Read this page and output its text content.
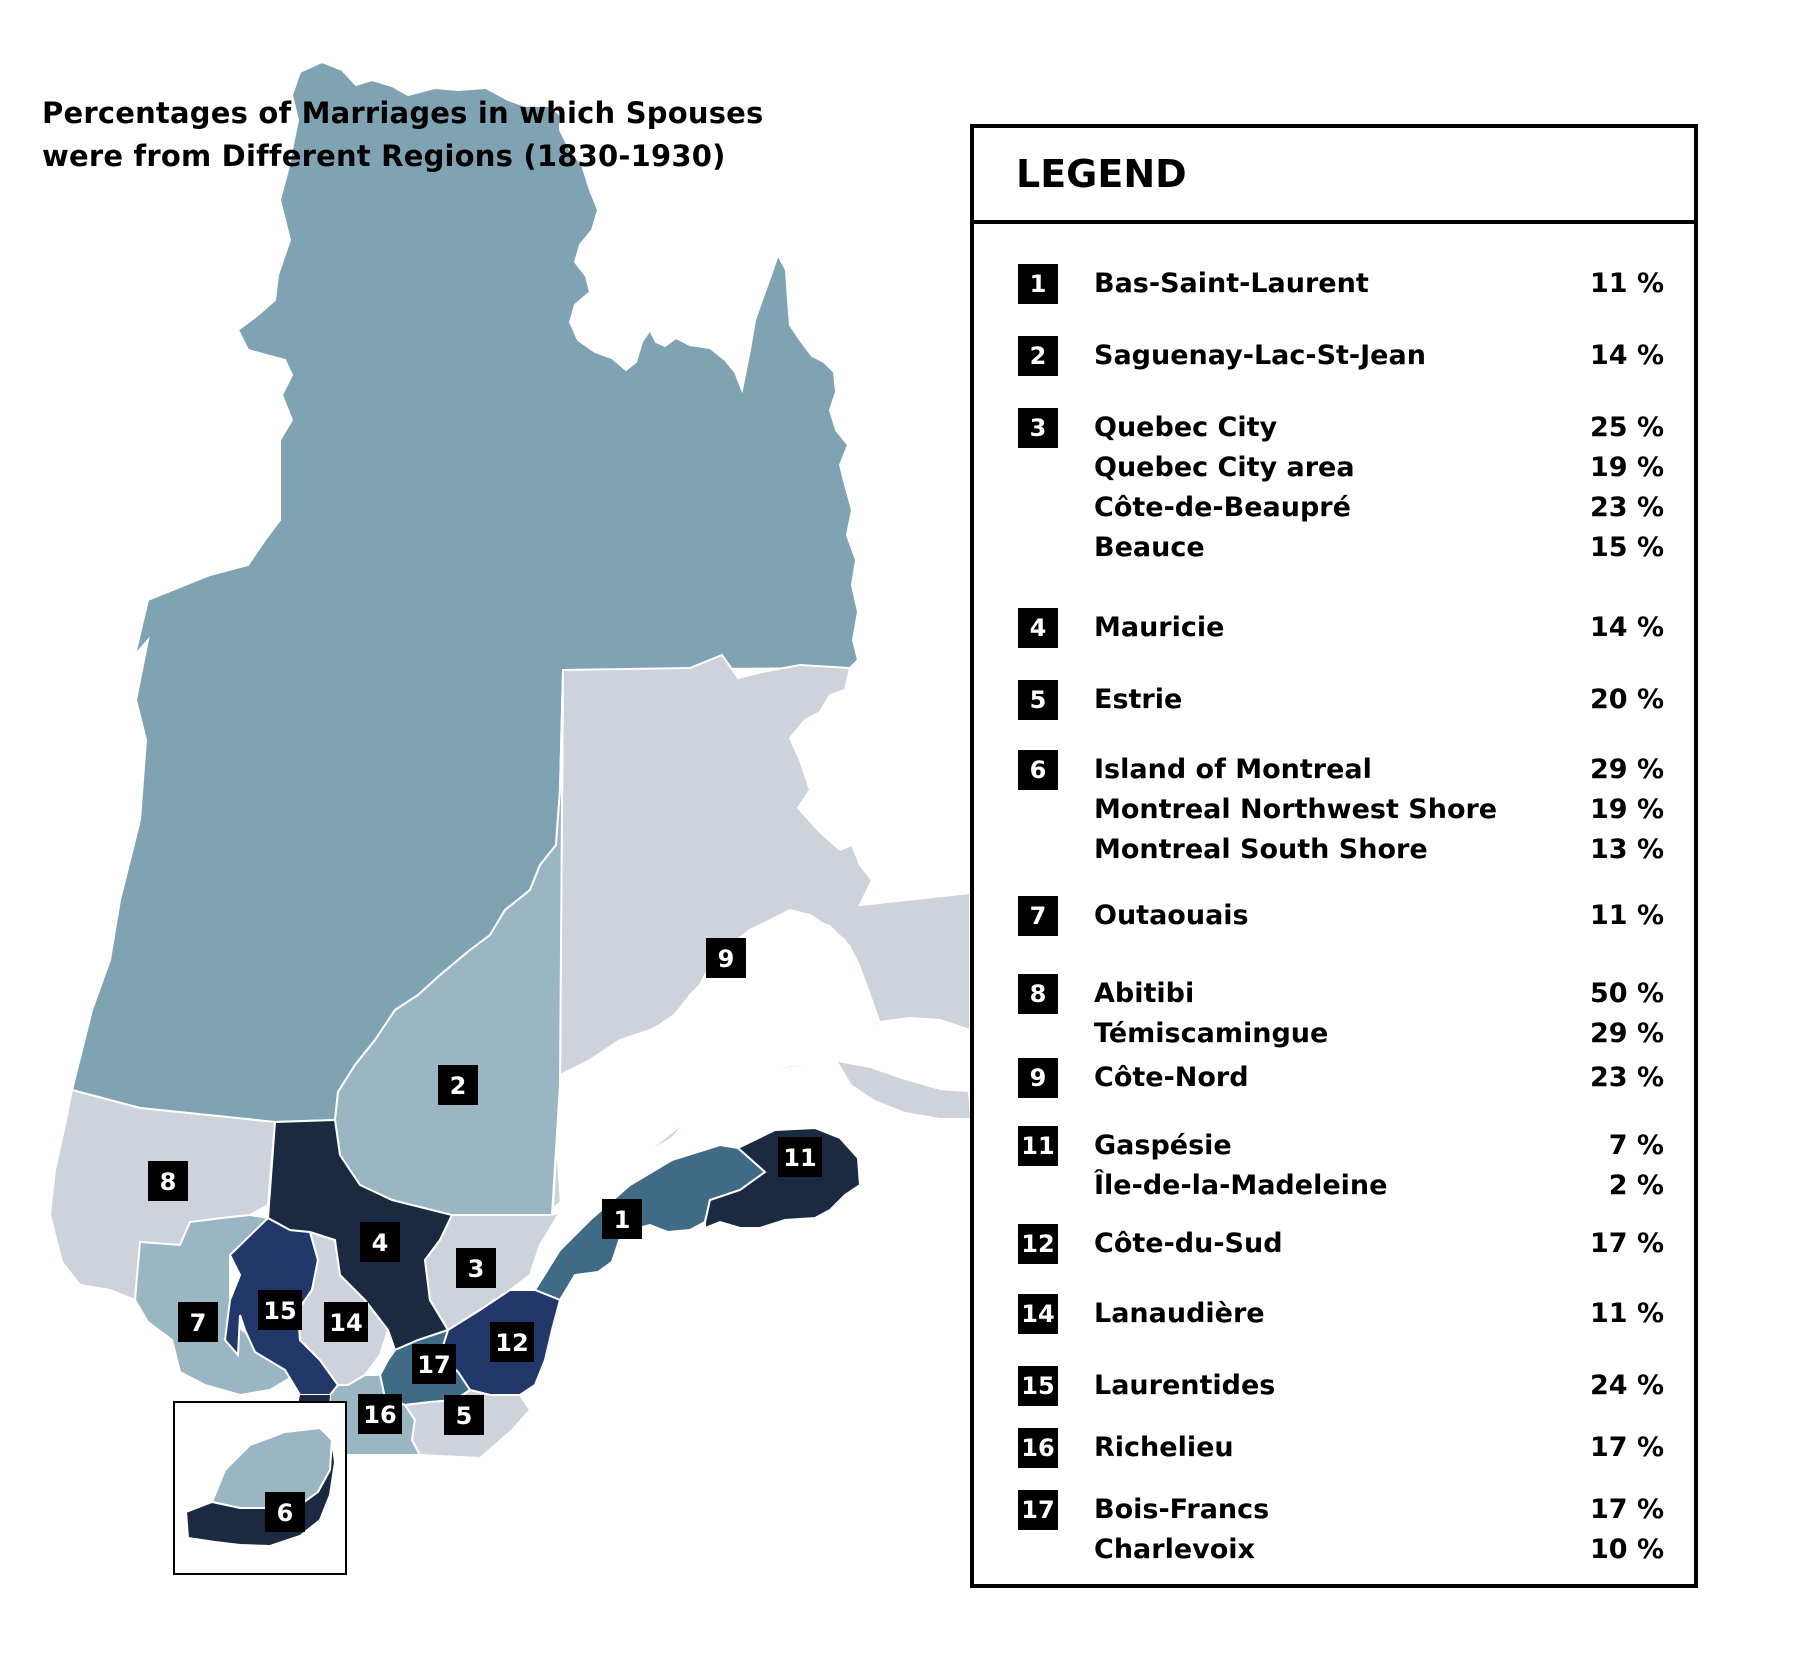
1
2
3
4
5
6
7
8
9
11
12
14
15
16
17
Percentages of Marriages in which Spouses
were from Different Regions (1830-1930)	LEGEND
1	Bas-Saint-Laurent	11 %
2	Saguenay-Lac-St-Jean	14 %
3	Quebec City	25 %
Quebec City area	19 %
Côte-de-Beaupré	23 %
Beauce	15 %
4	Mauricie	14 %
5	Estrie	20 %
6	Island of Montreal	29 %
Montreal Northwest Shore	19 %
Montreal South Shore	13 %
7	Outaouais	11 %
8	Abitibi	50 %
Témiscamingue	29 %
9	Côte-Nord	23 %
11 Gaspésie	7 %
Île-de-la-Madeleine	2 %
12 Côte-du-Sud	17 %
14 Lanaudière	11 %
15 Laurentides	24 %
16 Richelieu	17 %
17 Bois-Francs	17 %
Charlevoix	10 %
